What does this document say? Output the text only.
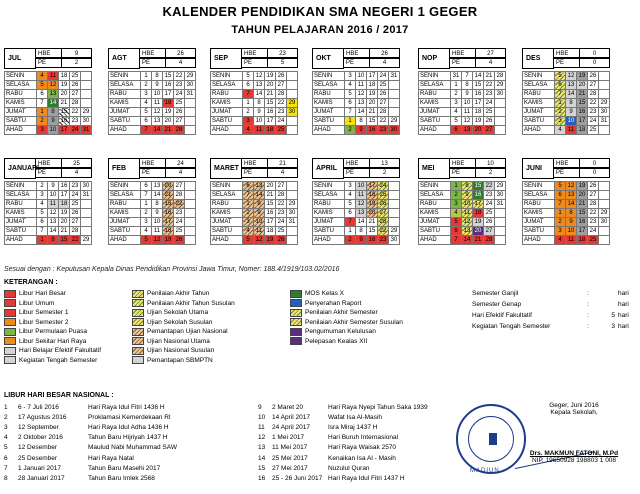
KALENDER PENDIDIKAN SMA NEGERI 1 GEGER
TAHUN PELAJARAN 2016 / 2017
JUL
HBE	9
PE	2
SENIN	4	11	18	25	
SELASA	5	12	19	26	
RABU	6	13	20	27	
KAMIS	7	14	21	28	
JUMAT	1	8	15	22	29
SABTU	2	9	16	23	30
AHAD	3	10	17	24	31
AGT
HBE	26
PE	4
SENIN	1	8	15	22	29
SELASA	2	9	16	23	30
RABU	3	10	17	24	31
KAMIS	4	11	18	25	
JUMAT	5	12	19	26	
SABTU	6	13	20	27	
AHAD	7	14	21	28	
SEP
HBE	23
PE	5
SENIN	5	12	19	26	
SELASA	6	13	20	27	
RABU	7	14	21	28	
KAMIS	1	8	15	22	29
JUMAT	2	9	16	23	30
SABTU	3	10	17	24	
AHAD	4	11	18	25	
OKT
HBE	26
PE	4
SENIN	3	10	17	24	31
SELASA	4	11	18	25	
RABU	5	12	19	26	
KAMIS	6	13	20	27	
JUMAT	7	14	21	28	
SABTU	1	8	15	22	29
AHAD	2	9	16	23	30
NOP
HBE	27
PE	4
SENIN	31	7	14	21	28
SELASA	1	8	15	22	29
RABU	2	9	16	23	30
KAMIS	3	10	17	24	
JUMAT	4	11	18	25	
SABTU	5	12	19	26	
AHAD	6	13	20	27	
DES
HBE	0
PE	0
SENIN	5	12	19	26	
SELASA	6	13	20	27	
RABU	7	14	21	28	
KAMIS	1	8	15	22	29
JUMAT	2	9	16	23	30
SABTU	3	10	17	24	31
AHAD	4	11	18	25	
JANUARI
HBE	25
PE	4
SENIN	2	9	16	23	30
SELASA	3	10	17	24	31
RABU	4	11	18	25	
KAMIS	5	12	19	26	
JUMAT	6	13	20	27	
SABTU	7	14	21	28	
AHAD	1	8	15	22	29
FEB
HBE	24
PE	4
SENIN	6	13	20	27	
SELASA	7	14	21	28	
RABU	1	8	15	22	
KAMIS	2	9	16	23	
JUMAT	3	10	17	24	
SABTU	4	11	18	25	
AHAD	5	12	19	26	
MARET
HBE	21
PE	4
SENIN	6	13	20	27	
SELASA	7	14	21	28	
RABU	1	8	15	22	29
KAMIS	2	9	16	23	30
JUMAT	3	10	17	24	31
SABTU	4	11	18	25	
AHAD	5	12	19	26	
APRIL
HBE	13
PE	2
SENIN	3	10	17	24	
SELASA	4	11	18	25	
RABU	5	12	19	26	
KAMIS	6	13	20	27	
JUMAT	7	14	21	28	
SABTU	1	8	15	22	29
AHAD	2	9	16	23	30
MEI
HBE	10
PE	2
SENIN	1	8	15	22	29
SELASA	2	9	16	23	30
RABU	3	10	17	24	31
KAMIS	4	11	18	25	
JUMAT	5	12	19	26	
SABTU	6	13	20	27	
AHAD	7	14	21	28	
JUNI
HBE	0
PE	0
SENIN	5	12	19	26	
SELASA	6	13	20	27	
RABU	7	14	21	28	
KAMIS	1	8	15	22	29
JUMAT	2	9	16	23	30
SABTU	3	10	17	24	
AHAD	4	11	18	25	
Sesuai dengan : Keputusan Kepala Dinas Pendidikan Provinsi Jawa Timur, Nomer: 188.4/1919/103.02/2016
KETERANGAN :
Libur Hari Besar
Libur Umum
Libur Semester 1
Libur Semester 2
Libur Permulaan Puasa
Libur Sekitar Hari Raya
Hari Belajar Efektif Fakultatif
Kegiatan Tengah Semester
Penilaian Akhir Tahun
Penilaian Akhir Tahun Susulan
Ujian Sekolah Utama
Ujian Sekolah Susulan
Pemantapan Ujian Nasional
Ujian Nasional Utama
Ujian Nasional Susulan
Pemantapan SBMPTN
MOS Kelas X
Penyerahan Raport
Penilaian Akhir Semester
Penilaian Akhir Semester Susulan
Pengumuman Kelulusan
Pelepasan Kealas XII
Semester Ganjil	:	hari
Semester Genap	:	hari
Hari Efektif Fakultatif	:	5 hari
Kegiatan Tengah Semester	:	3 hari
LIBUR HARI BESAR NASIONAL :
1	6 - 7 Juli 2016	Hari Raya Idul Fitri 1436 H
2	17 Agustus 2016	Proklamasi Kemerdekaan RI
3	12 September	Hari Raya Idul Adha 1436 H
4	2 Oktober 2016	Tahun Baru Hijriyah 1437 H
5	12 Desember	Maulud Nabi Muhammad SAW
6	25 Desember	Hari Raya Natal
7	1 Januari 2017	Tahun Baru Masehi 2017
8	28 Januari 2017	Tahun Baru Imlek 2568
9	2 Maret 20	Hari Raya Nyepi Tahun Saka 1939
10	14 April 2017	Wafat Isa Al-Masih
11	24 April 2017	Isra Miraj 1437 H
12	1 Mei 2017	Hari Buruh Internasional
13	11 Mei 2017	Hari Raya Waisak 2570
14	25 Mei 2017	Kenaikan Isa Al - Masih
15	27 Mei 2017	Nuzulul Quran
16	25 - 26 Juni 2017 Hari Raya Idul Fitri 1437 H
Geger, Juni 2016
Kepala Sekolah,
Drs. MAKMUN FATONI, M.Pd
NIP. 19650928 198803 1 008
MADIUN
